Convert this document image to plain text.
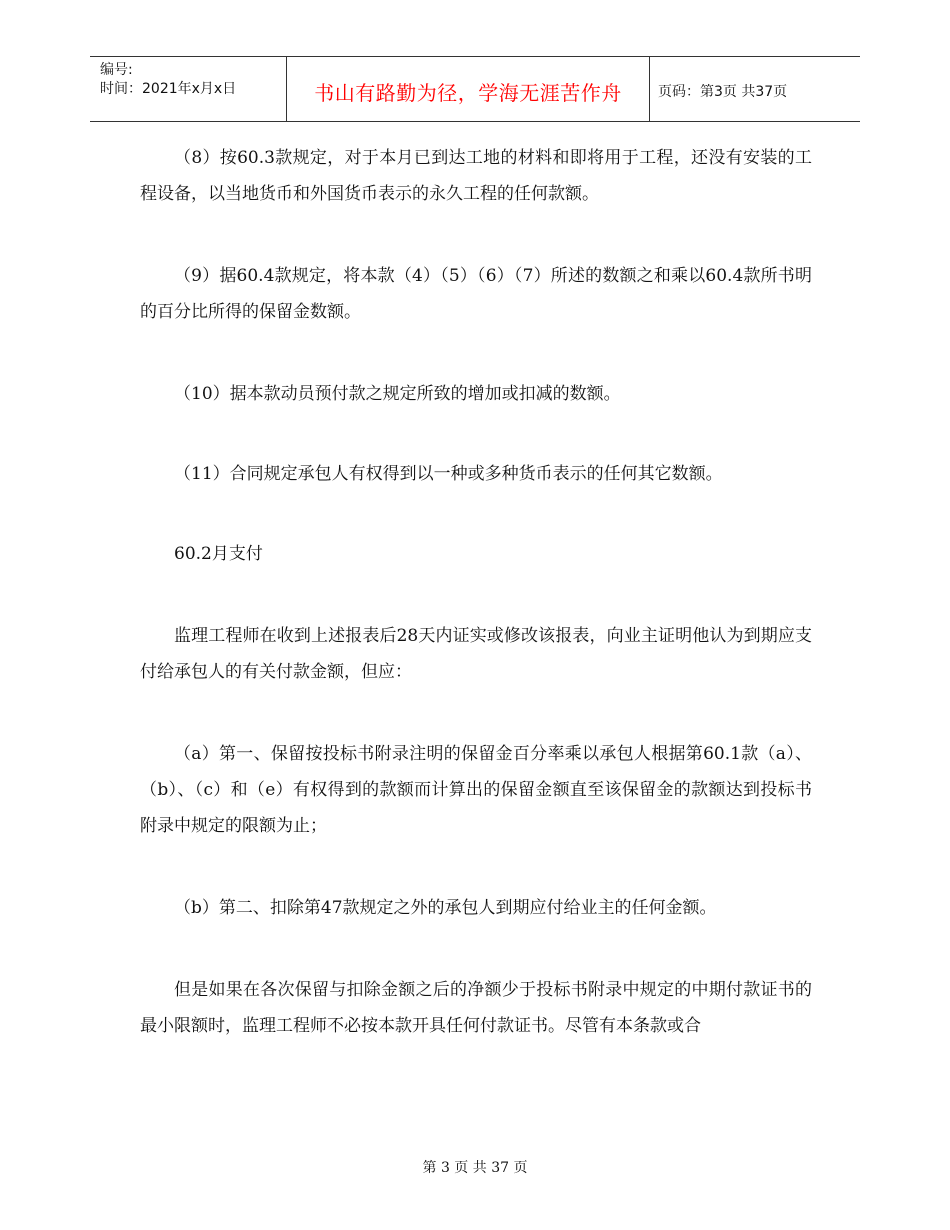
编号:
时间：2021年x月x日	书山有路勤为径，学海无涯苦作舟	页码：第3页 共37页

（8）按60.3款规定，对于本月已到达工地的材料和即将用于工程，还没有安装的工程设备，以当地货币和外国货币表示的永久工程的任何款额。

（9）据60.4款规定，将本款（4）（5）（6）（7）所述的数额之和乘以60.4款所书明的百分比所得的保留金数额。

（10）据本款动员预付款之规定所致的增加或扣减的数额。

（11）合同规定承包人有权得到以一种或多种货币表示的任何其它数额。

60.2月支付

监理工程师在收到上述报表后28天内证实或修改该报表，向业主证明他认为到期应支付给承包人的有关付款金额，但应：

（a）第一、保留按投标书附录注明的保留金百分率乘以承包人根据第60.1款（a）、（b）、（c）和（e）有权得到的款额而计算出的保留金额直至该保留金的款额达到投标书附录中规定的限额为止；

（b）第二、扣除第47款规定之外的承包人到期应付给业主的任何金额。

但是如果在各次保留与扣除金额之后的净额少于投标书附录中规定的中期付款证书的最小限额时，监理工程师不必按本款开具任何付款证书。尽管有本条款或合

第 3 页 共 37 页
